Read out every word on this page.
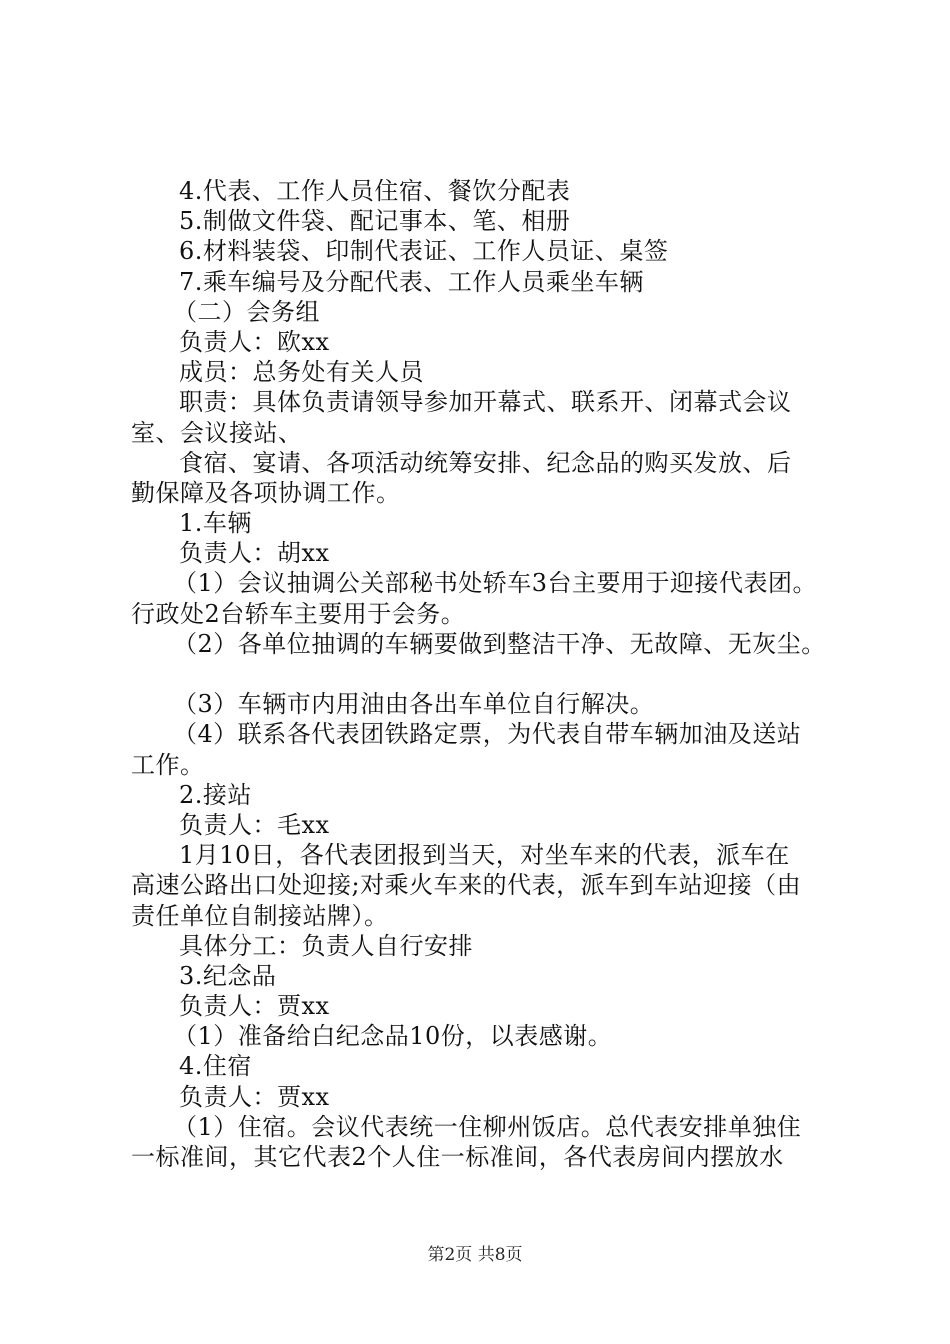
4.代表、工作人员住宿、餐饮分配表
5.制做文件袋、配记事本、笔、相册
6.材料装袋、印制代表证、工作人员证、桌签
7.乘车编号及分配代表、工作人员乘坐车辆
（二）会务组
负责人：欧xx
成员：总务处有关人员
职责：具体负责请领导参加开幕式、联系开、闭幕式会议
室、会议接站、
食宿、宴请、各项活动统筹安排、纪念品的购买发放、后
勤保障及各项协调工作。
1.车辆
负责人：胡xx
（1）会议抽调公关部秘书处轿车3台主要用于迎接代表团。
行政处2台轿车主要用于会务。
（2）各单位抽调的车辆要做到整洁干净、无故障、无灰尘。
（3）车辆市内用油由各出车单位自行解决。
（4）联系各代表团铁路定票，为代表自带车辆加油及送站
工作。
2.接站
负责人：毛xx
1月10日，各代表团报到当天，对坐车来的代表，派车在
高速公路出口处迎接;对乘火车来的代表，派车到车站迎接（由
责任单位自制接站牌）。
具体分工：负责人自行安排
3.纪念品
负责人：贾xx
（1）准备给白纪念品10份，以表感谢。
4.住宿
负责人：贾xx
（1）住宿。会议代表统一住柳州饭店。总代表安排单独住
一标准间，其它代表2个人住一标准间，各代表房间内摆放水
第2页 共8页
